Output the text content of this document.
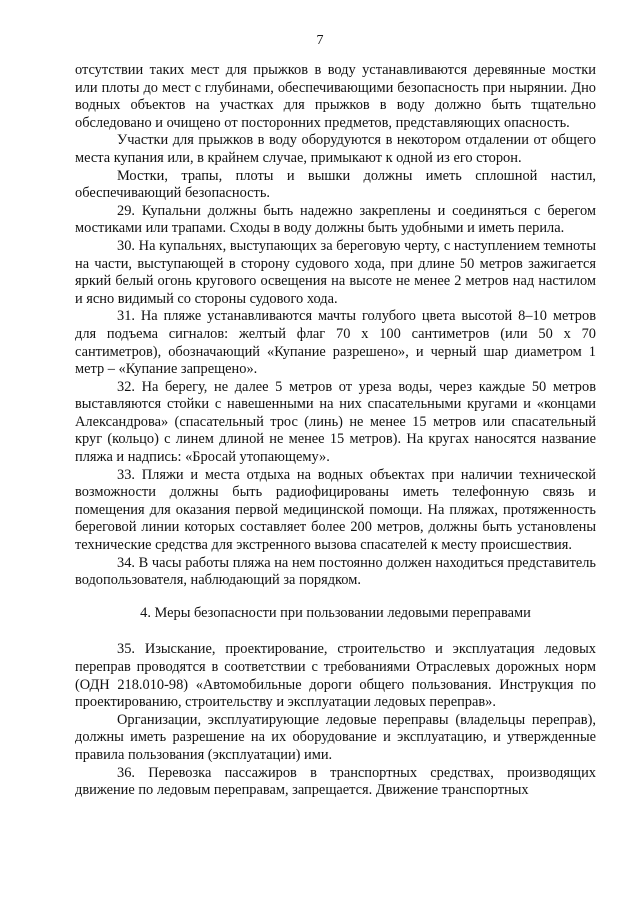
7

отсутствии таких мест для прыжков в воду устанавливаются деревянные мостки или плоты до мест с глубинами, обеспечивающими безопасность при нырянии. Дно водных объектов на участках для прыжков в воду должно быть тщательно обследовано и очищено от посторонних предметов, представляющих опасность.

Участки для прыжков в воду оборудуются в некотором отдалении от общего места купания или, в крайнем случае, примыкают к одной из его сторон.

Мостки, трапы, плоты и вышки должны иметь сплошной настил, обеспечивающий безопасность.

29. Купальни должны быть надежно закреплены и соединяться с берегом мостиками или трапами. Сходы в воду должны быть удобными и иметь перила.

30. На купальнях, выступающих за береговую черту, с наступлением темноты на части, выступающей в сторону судового хода, при длине 50 метров зажигается яркий белый огонь кругового освещения на высоте не менее 2 метров над настилом и ясно видимый со стороны судового хода.

31. На пляже устанавливаются мачты голубого цвета высотой 8–10 метров для подъема сигналов: желтый флаг 70 х 100 сантиметров (или 50 х 70 сантиметров), обозначающий «Купание разрешено», и черный шар диаметром 1 метр – «Купание запрещено».

32. На берегу, не далее 5 метров от уреза воды, через каждые 50 метров выставляются стойки с навешенными на них спасательными кругами и «концами Александрова» (спасательный трос (линь) не менее 15 метров или спасательный круг (кольцо) с линем длиной не менее 15 метров). На кругах наносятся название пляжа и надпись: «Бросай утопающему».

33. Пляжи и места отдыха на водных объектах при наличии технической возможности должны быть радиофицированы иметь телефонную связь и помещения для оказания первой медицинской помощи. На пляжах, протяженность береговой линии которых составляет более 200 метров, должны быть установлены технические средства для экстренного вызова спасателей к месту происшествия.

34. В часы работы пляжа на нем постоянно должен находиться представитель водопользователя, наблюдающий за порядком.

4. Меры безопасности при пользовании ледовыми переправами

35. Изыскание, проектирование, строительство и эксплуатация ледовых переправ проводятся в соответствии с требованиями Отраслевых дорожных норм (ОДН 218.010-98) «Автомобильные дороги общего пользования. Инструкция по проектированию, строительству и эксплуатации ледовых переправ».

Организации, эксплуатирующие ледовые переправы (владельцы переправ), должны иметь разрешение на их оборудование и эксплуатацию, и утвержденные правила пользования (эксплуатации) ими.

36. Перевозка пассажиров в транспортных средствах, производящих движение по ледовым переправам, запрещается. Движение транспортных
